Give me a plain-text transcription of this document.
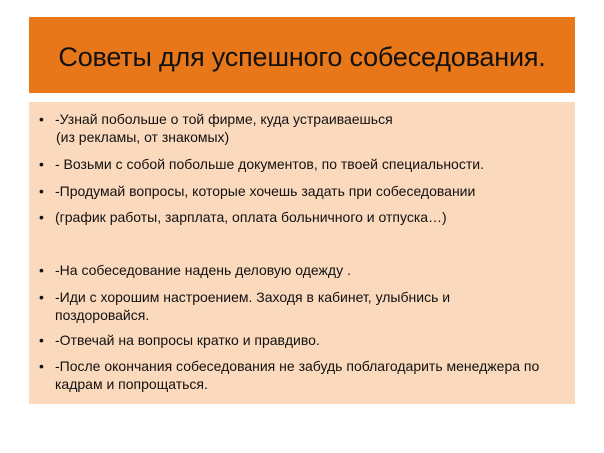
Советы для успешного собеседования.
• -Узнай побольше о той фирме, куда устраиваешься
(из рекламы, от знакомых)
• - Возьми с собой побольше документов, по твоей специальности.
• -Продумай вопросы, которые хочешь задать при собеседовании
• (график работы, зарплата, оплата больничного и отпуска…)
• -На собеседование надень деловую одежду .
• -Иди с хорошим настроением. Заходя в кабинет, улыбнись и
поздоровайся.
• -Отвечай на вопросы кратко и правдиво.
• -После окончания собеседования не забудь поблагодарить менеджера по
кадрам и попрощаться.
